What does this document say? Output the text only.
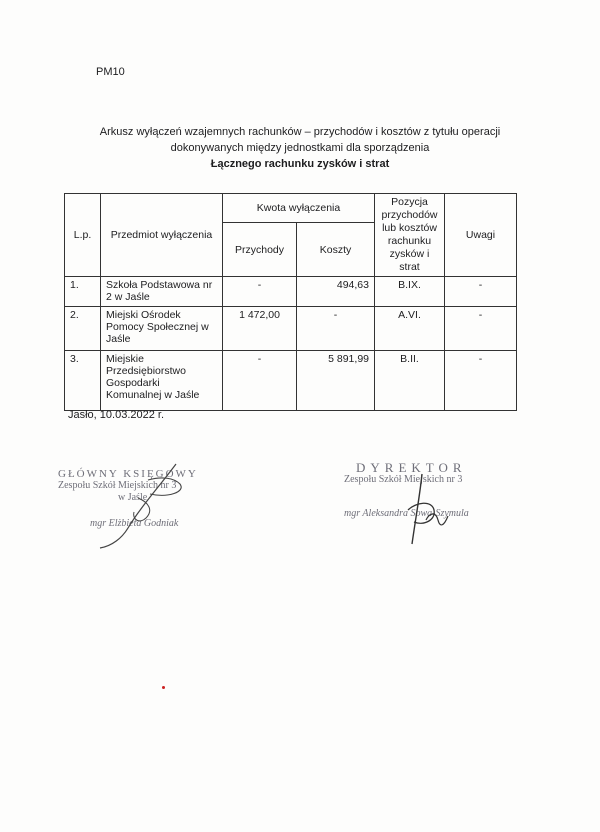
PM10
Arkusz wyłączeń wzajemnych rachunków – przychodów i kosztów z tytułu operacji
dokonywanych między jednostkami dla sporządzenia
Łącznego rachunku zysków i strat
L.p.	Przedmiot wyłączenia	Kwota wyłączenia		Pozycja przychodów lub kosztów rachunku zysków i strat	Uwagi
		Przychody	Koszty		
1.	Szkoła Podstawowa nr 2 w Jaśle	-	494,63	B.IX.	-
2.	Miejski Ośrodek Pomocy Społecznej w Jaśle	1 472,00	-	A.VI.	-
3.	Miejskie Przedsiębiorstwo Gospodarki Komunalnej w Jaśle	-	5 891,99	B.II.	-
Jasło, 10.03.2022 r.
GŁÓWNY KSIĘGOWY
Zespołu Szkół Miejskich nr 3
w Jaśle
mgr Elżbieta Godniak
DYREKTOR
Zespołu Szkół Miejskich nr 3
mgr Aleksandra Sowa-Szymula
